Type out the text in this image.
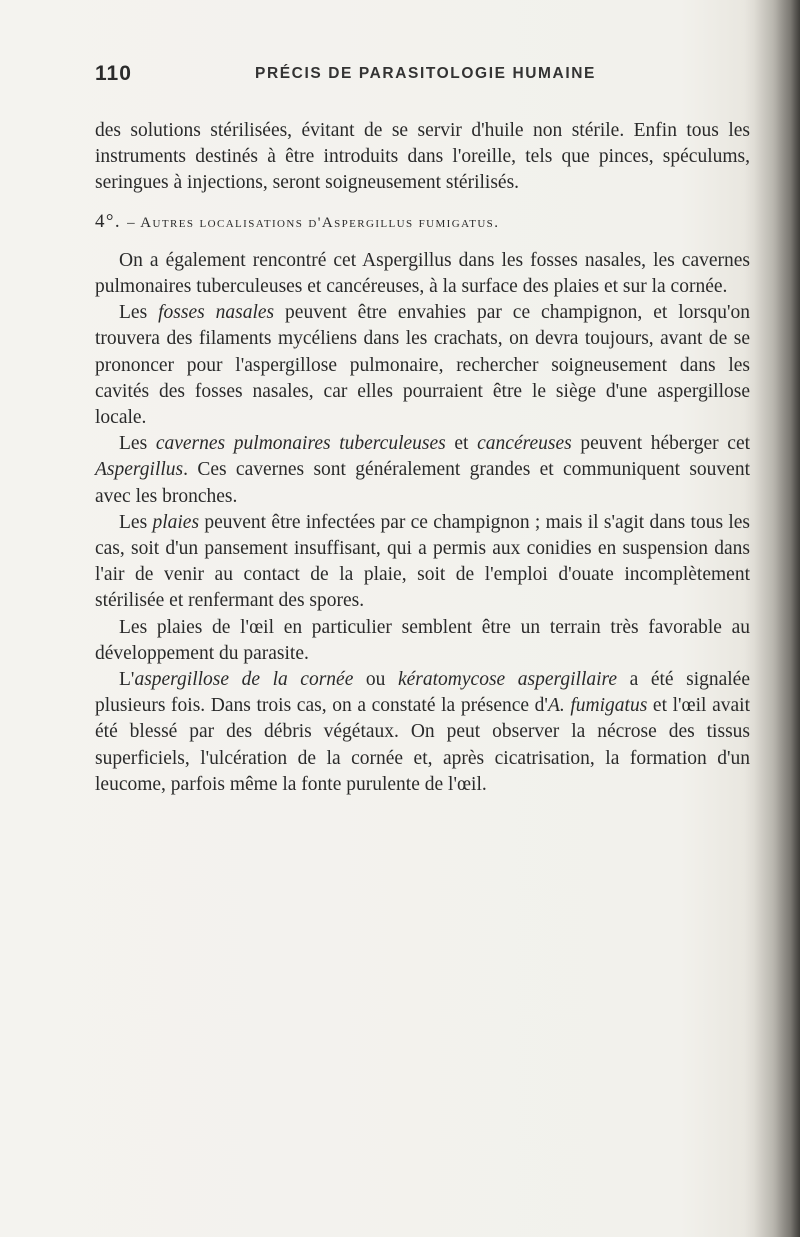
110	PRÉCIS DE PARASITOLOGIE HUMAINE

des solutions stérilisées, évitant de se servir d'huile non stérile. Enfin tous les instruments destinés à être introduits dans l'oreille, tels que pinces, spéculums, seringues à injections, seront soigneusement stérilisés.

4°. – Autres localisations d'Aspergillus fumigatus.

On a également rencontré cet Aspergillus dans les fosses nasales, les cavernes pulmonaires tuberculeuses et cancéreuses, à la surface des plaies et sur la cornée.

Les fosses nasales peuvent être envahies par ce champignon, et lorsqu'on trouvera des filaments mycéliens dans les crachats, on devra toujours, avant de se prononcer pour l'aspergillose pulmonaire, rechercher soigneusement dans les cavités des fosses nasales, car elles pourraient être le siège d'une aspergillose locale.

Les cavernes pulmonaires tuberculeuses et cancéreuses peuvent héberger cet Aspergillus. Ces cavernes sont généralement grandes et communiquent souvent avec les bronches.

Les plaies peuvent être infectées par ce champignon ; mais il s'agit dans tous les cas, soit d'un pansement insuffisant, qui a permis aux conidies en suspension dans l'air de venir au contact de la plaie, soit de l'emploi d'ouate incomplètement stérilisée et renfermant des spores.

Les plaies de l'œil en particulier semblent être un terrain très favorable au développement du parasite.

L'aspergillose de la cornée ou kératomycose aspergillaire a été signalée plusieurs fois. Dans trois cas, on a constaté la présence d'A. fumigatus et l'œil avait été blessé par des débris végétaux. On peut observer la nécrose des tissus superficiels, l'ulcération de la cornée et, après cicatrisation, la formation d'un leucome, parfois même la fonte purulente de l'œil.
